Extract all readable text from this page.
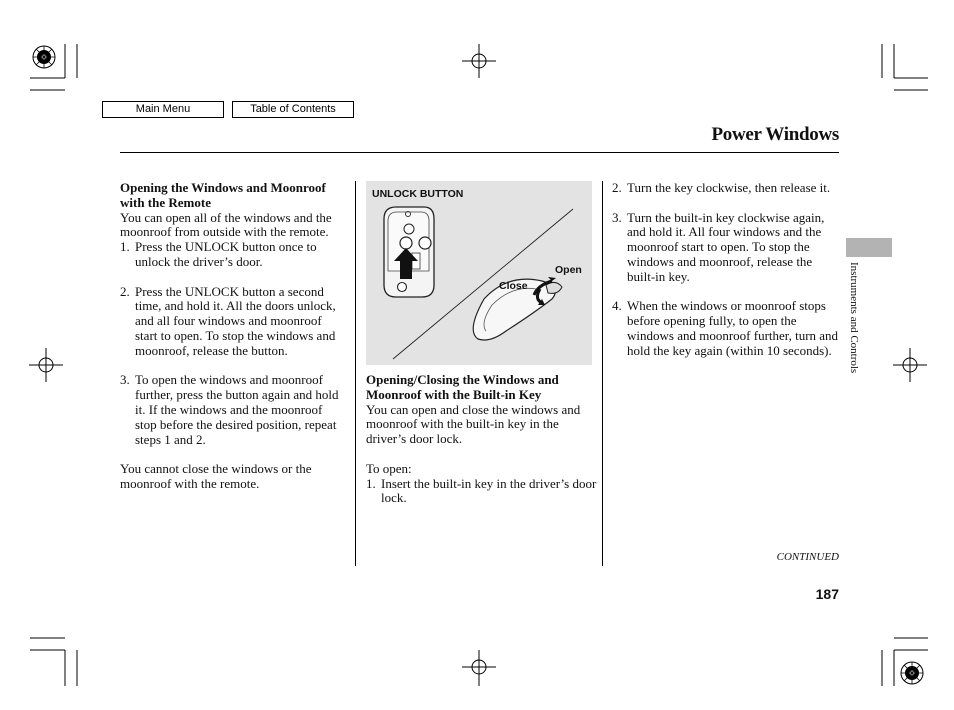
Main Menu	Table of Contents
Power Windows

Opening the Windows and Moonroof with the Remote

You can open all of the windows and the moonroof from outside with the remote.

1. Press the UNLOCK button once to unlock the driver’s door.
2. Press the UNLOCK button a second time, and hold it. All the doors unlock, and all four windows and moonroof start to open. To stop the windows and moonroof, release the button.
3. To open the windows and moonroof further, press the button again and hold it. If the windows and the moonroof stop before the desired position, repeat steps 1 and 2.

You cannot close the windows or the moonroof with the remote.

UNLOCK BUTTON
Open
Close

Opening/Closing the Windows and Moonroof with the Built-in Key

You can open and close the windows and moonroof with the built-in key in the driver’s door lock.

To open:

1. Insert the built-in key in the driver’s door lock.
2. Turn the key clockwise, then release it.
3. Turn the built-in key clockwise again, and hold it. All four windows and the moonroof start to open. To stop the windows and moonroof, release the built-in key.
4. When the windows or moonroof stops before opening fully, to open the windows and moonroof further, turn and hold the key again (within 10 seconds).	Instruments and Controls
CONTINUED
187
